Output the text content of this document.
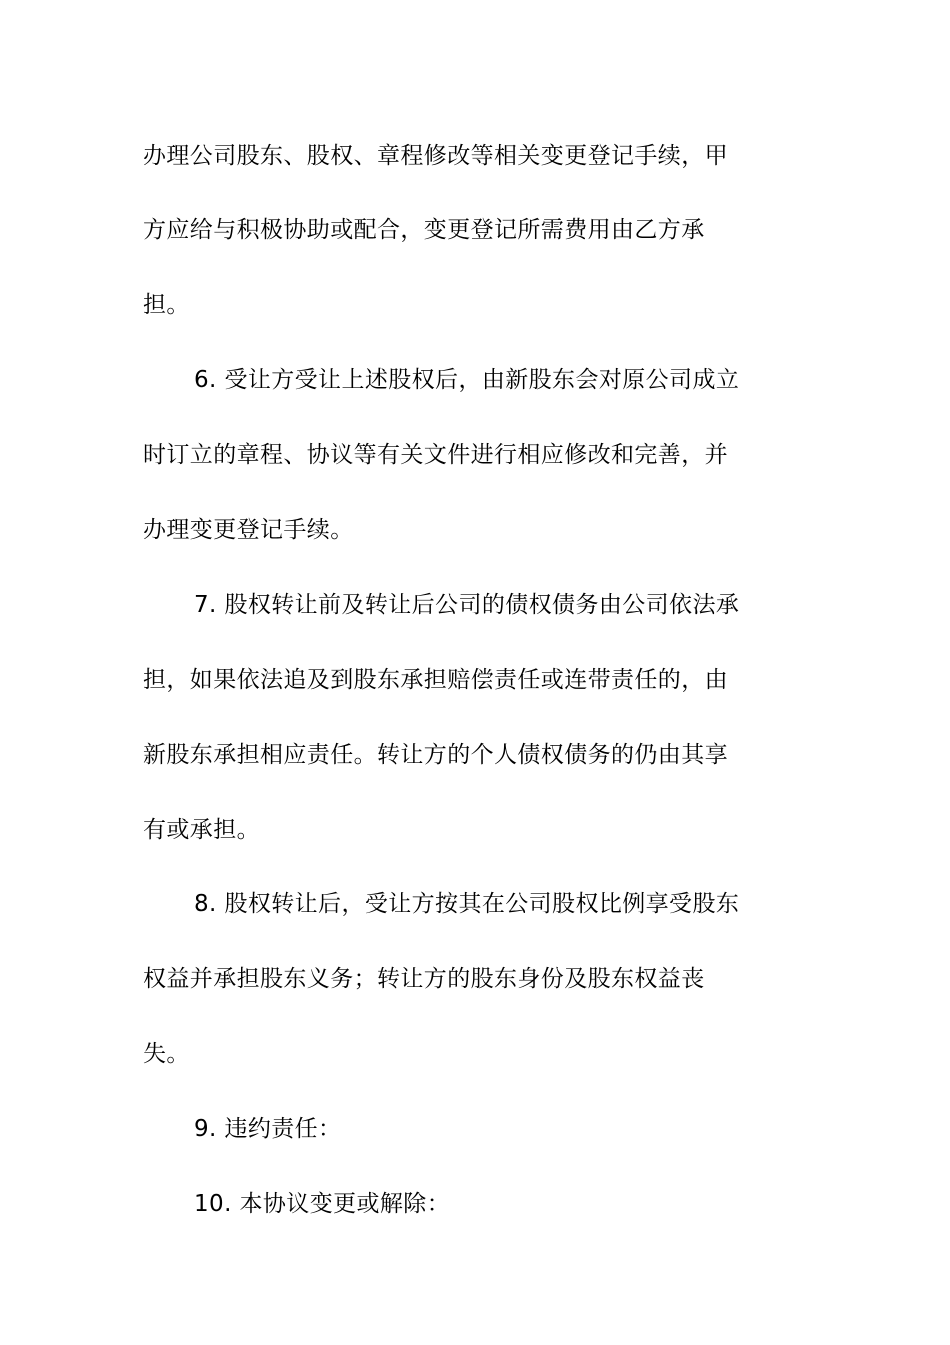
办理公司股东、股权、章程修改等相关变更登记手续，甲
方应给与积极协助或配合，变更登记所需费用由乙方承
担。
6. 受让方受让上述股权后，由新股东会对原公司成立
时订立的章程、协议等有关文件进行相应修改和完善，并
办理变更登记手续。
7. 股权转让前及转让后公司的债权债务由公司依法承
担，如果依法追及到股东承担赔偿责任或连带责任的，由
新股东承担相应责任。转让方的个人债权债务的仍由其享
有或承担。
8. 股权转让后，受让方按其在公司股权比例享受股东
权益并承担股东义务；转让方的股东身份及股东权益丧
失。
9. 违约责任：
10. 本协议变更或解除：
